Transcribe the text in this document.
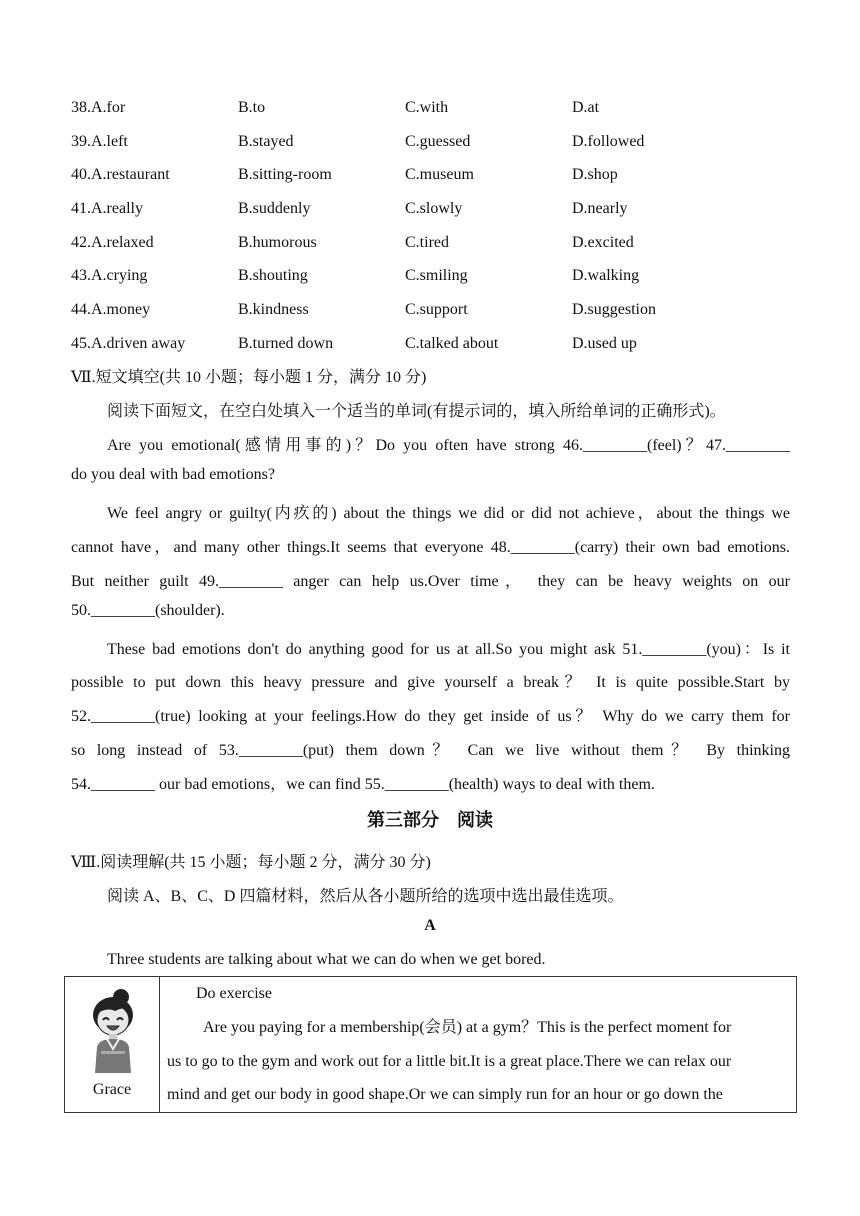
38.A.for	B.to	C.with	D.at
39.A.left	B.stayed	C.guessed	D.followed
40.A.restaurant	B.sitting-room	C.museum	D.shop
41.A.really	B.suddenly	C.slowly	D.nearly
42.A.relaxed	B.humorous	C.tired	D.excited
43.A.crying	B.shouting	C.smiling	D.walking
44.A.money	B.kindness	C.support	D.suggestion
45.A.driven away	B.turned down	C.talked about	D.used up
Ⅶ.短文填空(共 10 小题；每小题 1 分，满分 10 分)
阅读下面短文，在空白处填入一个适当的单词(有提示词的，填入所给单词的正确形式)。
Are you emotional(感情用事的)？Do you often have strong 46.________(feel)？47.________
do you deal with bad emotions?
We feel angry or guilty(内疚的) about the things we did or did not achieve，about the things we
cannot have，and many other things.It seems that everyone 48.________(carry) their own bad emotions.
But neither guilt 49.________ anger can help us.Over time， they can be heavy weights on our
50.________(shoulder).
These bad emotions don't do anything good for us at all.So you might ask 51.________(you)：Is it
possible to put down this heavy pressure and give yourself a break？ It is quite possible.Start by
52.________(true) looking at your feelings.How do they get inside of us？ Why do we carry them for
so long instead of 53.________(put) them down？ Can we live without them？ By thinking
54.________ our bad emotions，we can find 55.________(health) ways to deal with them.
第三部分　阅读
Ⅷ.阅读理解(共 15 小题；每小题 2 分，满分 30 分)
阅读 A、B、C、D 四篇材料，然后从各小题所给的选项中选出最佳选项。
A
Three students are talking about what we can do when we get bored.
Grace

Do exercise
Are you paying for a membership(会员) at a gym？This is the perfect moment for
us to go to the gym and work out for a little bit.It is a great place.There we can relax our
mind and get our body in good shape.Or we can simply run for an hour or go down the
